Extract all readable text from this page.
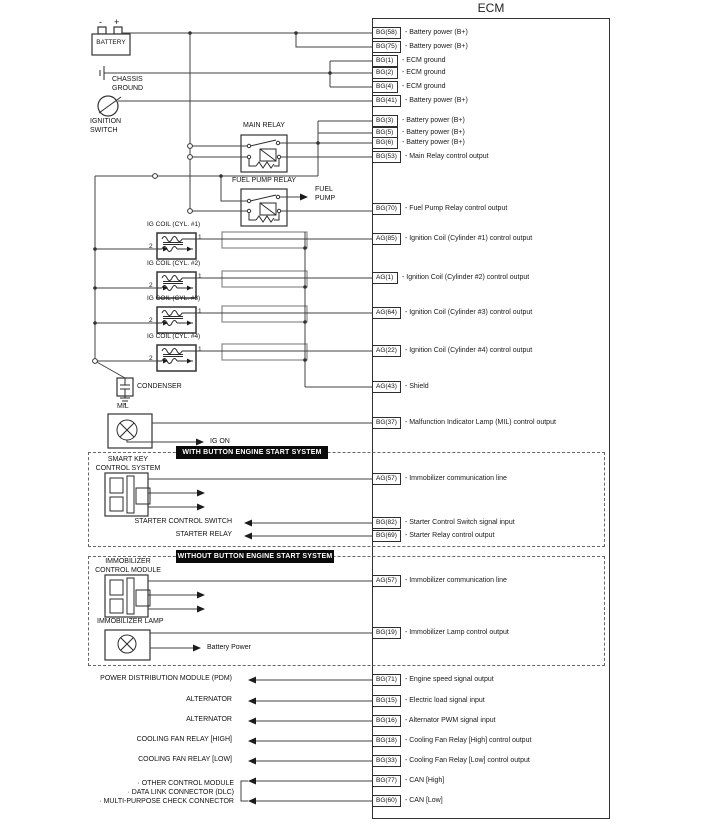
ECM
WITH BUTTON ENGINE START SYSTEM
WITHOUT BUTTON ENGINE START SYSTEM
BATTERY
- +
CHASSIS
GROUND
IGNITION
SWITCH
MAIN RELAY
FUEL PUMP RELAY
FUEL
PUMP
IG COIL (CYL. #1)
IG COIL (CYL. #2)
IG COIL (CYL. #3)
IG COIL (CYL. #4)
1
2
1
2
1
2
1
2
CONDENSER
MIL
IG ON
SMART KEY
CONTROL SYSTEM
STARTER CONTROL SWITCH
STARTER RELAY
IMMOBILIZER
CONTROL MODULE
IMMOBILIZER LAMP
Battery Power
POWER DISTRIBUTION MODULE (PDM)
ALTERNATOR
ALTERNATOR
COOLING FAN RELAY [HIGH]
COOLING FAN RELAY [LOW]
· OTHER CONTROL MODULE
· DATA LINK CONNECTOR (DLC)
· MULTI-PURPOSE CHECK CONNECTOR
BG(58)	- Battery power (B+)
BG(75)	- Battery power (B+)
BG(1)	- ECM ground
BG(2)	- ECM ground
BG(4)	- ECM ground
BG(41)	- Battery power (B+)
BG(3)	- Battery power (B+)
BG(5)	- Battery power (B+)
BG(6)	- Battery power (B+)
BG(53)	- Main Relay control output
BG(70)	- Fuel Pump Relay control output
AG(85)	- Ignition Coil (Cylinder #1) control output
AG(1)	- Ignition Coil (Cylinder #2) control output
AG(64)	- Ignition Coil (Cylinder #3) control output
AG(22)	- Ignition Coil (Cylinder #4) control output
AG(43)	- Shield
BG(37)	- Malfunction Indicator Lamp (MIL) control output
AG(57)	- Immobilizer communication line
BG(82)	- Starter Control Switch signal input
BG(69)	- Starter Relay control output
AG(57)	- Immobilizer communication line
BG(19)	- Immobilizer Lamp control output
BG(71)	- Engine speed signal output
BG(15)	- Electric load signal input
BG(16)	- Alternator PWM signal input
BG(18)	- Cooling Fan Relay [High] control output
BG(33)	- Cooling Fan Relay [Low] control output
BG(77)	- CAN [High]
BG(60)	- CAN [Low]
